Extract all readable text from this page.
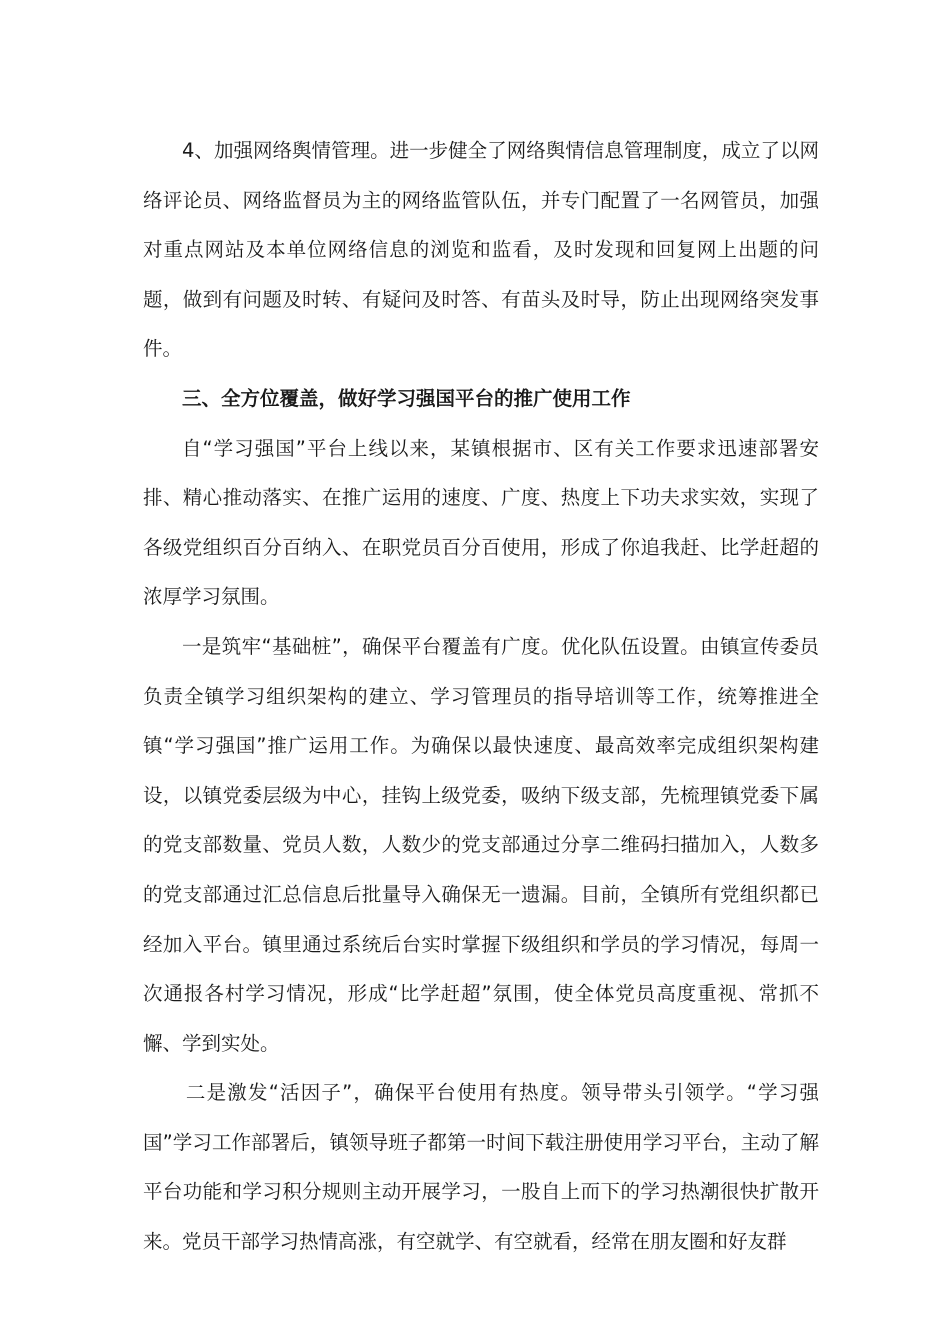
4、加强网络舆情管理。进一步健全了网络舆情信息管理制度，成立了以网络评论员、网络监督员为主的网络监管队伍，并专门配置了一名网管员，加强对重点网站及本单位网络信息的浏览和监看，及时发现和回复网上出题的问题，做到有问题及时转、有疑问及时答、有苗头及时导，防止出现网络突发事件。

三、全方位覆盖，做好学习强国平台的推广使用工作

自“学习强国”平台上线以来，某镇根据市、区有关工作要求迅速部署安排、精心推动落实、在推广运用的速度、广度、热度上下功夫求实效，实现了各级党组织百分百纳入、在职党员百分百使用，形成了你追我赶、比学赶超的浓厚学习氛围。

一是筑牢“基础桩”，确保平台覆盖有广度。优化队伍设置。由镇宣传委员负责全镇学习组织架构的建立、学习管理员的指导培训等工作，统筹推进全镇“学习强国”推广运用工作。为确保以最快速度、最高效率完成组织架构建设，以镇党委层级为中心，挂钩上级党委，吸纳下级支部，先梳理镇党委下属的党支部数量、党员人数，人数少的党支部通过分享二维码扫描加入，人数多的党支部通过汇总信息后批量导入确保无一遗漏。目前，全镇所有党组织都已经加入平台。镇里通过系统后台实时掌握下级组织和学员的学习情况，每周一次通报各村学习情况，形成“比学赶超”氛围，使全体党员高度重视、常抓不懈、学到实处。

二是激发“活因子”，确保平台使用有热度。领导带头引领学。“学习强国”学习工作部署后，镇领导班子都第一时间下载注册使用学习平台，主动了解平台功能和学习积分规则主动开展学习，一股自上而下的学习热潮很快扩散开来。党员干部学习热情高涨，有空就学、有空就看，经常在朋友圈和好友群
